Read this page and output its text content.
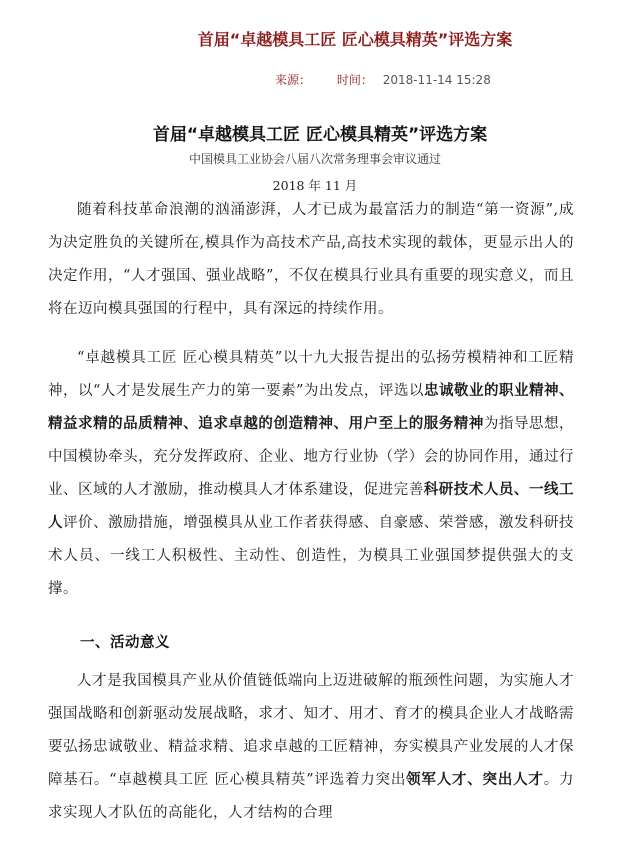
首届“卓越模具工匠 匠心模具精英”评选方案
来源： 时间： 2018-11-14 15:28
首届“卓越模具工匠 匠心模具精英”评选方案
中国模具工业协会八届八次常务理事会审议通过
2018 年 11 月

随着科技革命浪潮的汹涌澎湃，人才已成为最富活力的制造“第一资源”,成为决定胜负的关键所在,模具作为高技术产品,高技术实现的载体，更显示出人的决定作用，“人才强国、强业战略”，不仅在模具行业具有重要的现实意义，而且将在迈向模具强国的行程中，具有深远的持续作用。

“卓越模具工匠 匠心模具精英”以十九大报告提出的弘扬劳模精神和工匠精神，以“人才是发展生产力的第一要素”为出发点，评选以忠诚敬业的职业精神、精益求精的品质精神、追求卓越的创造精神、用户至上的服务精神为指导思想，中国模协牵头，充分发挥政府、企业、地方行业协（学）会的协同作用，通过行业、区域的人才激励，推动模具人才体系建设，促进完善科研技术人员、一线工人评价、激励措施，增强模具从业工作者获得感、自豪感、荣誉感，激发科研技术人员、一线工人积极性、主动性、创造性，为模具工业强国梦提供强大的支撑。

一、活动意义

人才是我国模具产业从价值链低端向上迈进破解的瓶颈性问题，为实施人才强国战略和创新驱动发展战略，求才、知才、用才、育才的模具企业人才战略需要弘扬忠诚敬业、精益求精、追求卓越的工匠精神，夯实模具产业发展的人才保障基石。“卓越模具工匠 匠心模具精英”评选着力突出领军人才、突出人才。力求实现人才队伍的高能化，人才结构的合理
